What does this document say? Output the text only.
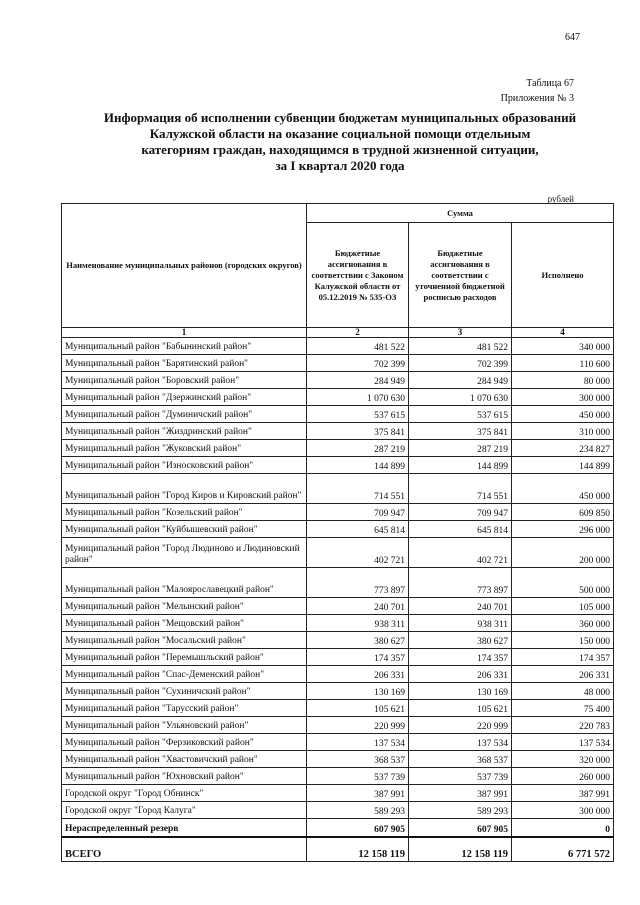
647
Таблица 67
Приложения № 3
Информация об исполнении субвенции бюджетам муниципальных образований
Калужской области на оказание социальной помощи отдельным
категориям граждан, находящимся в трудной жизненной ситуации,
за I квартал 2020 года
рублей
Наименование муниципальных районов (городских округов)	Сумма		
	Бюджетные ассигнования в соответствии с Законом Калужской области от 05.12.2019 № 535-ОЗ	Бюджетные ассигнования в соответствии с уточненной бюджетной росписью расходов	Исполнено
1	2	3	4
Муниципальный район "Бабынинский район"	481 522	481 522	340 000
Муниципальный район "Барятинский район"	702 399	702 399	110 600
Муниципальный район "Боровский район"	284 949	284 949	80 000
Муниципальный район "Дзержинский район"	1 070 630	1 070 630	300 000
Муниципальный район "Думиничский район"	537 615	537 615	450 000
Муниципальный район "Жиздринский район"	375 841	375 841	310 000
Муниципальный район "Жуковский район"	287 219	287 219	234 827
Муниципальный район "Износковский район"	144 899	144 899	144 899
Муниципальный район "Город Киров и Кировский район"	714 551	714 551	450 000
Муниципальный район "Козельский район"	709 947	709 947	609 850
Муниципальный район "Куйбышевский район"	645 814	645 814	296 000
Муниципальный район "Город Людиново и Людиновский район"	402 721	402 721	200 000
Муниципальный район "Малоярославецкий район"	773 897	773 897	500 000
Муниципальный район "Мелынский район"	240 701	240 701	105 000
Муниципальный район "Мещовский район"	938 311	938 311	360 000
Муниципальный район "Мосальский район"	380 627	380 627	150 000
Муниципальный район "Перемышльский район"	174 357	174 357	174 357
Муниципальный район "Спас-Деменский район"	206 331	206 331	206 331
Муниципальный район "Сухиничский район"	130 169	130 169	48 000
Муниципальный район "Тарусский район"	105 621	105 621	75 400
Муниципальный район "Ульяновский район"	220 999	220 999	220 783
Муниципальный район "Ферзиковский район"	137 534	137 534	137 534
Муниципальный район "Хвастовичский район"	368 537	368 537	320 000
Муниципальный район "Юхновский район"	537 739	537 739	260 000
Городской округ "Город Обнинск"	387 991	387 991	387 991
Городской округ "Город Калуга"	589 293	589 293	300 000
Нераспределенный резерв	607 905	607 905	0
ВСЕГО	12 158 119	12 158 119	6 771 572
